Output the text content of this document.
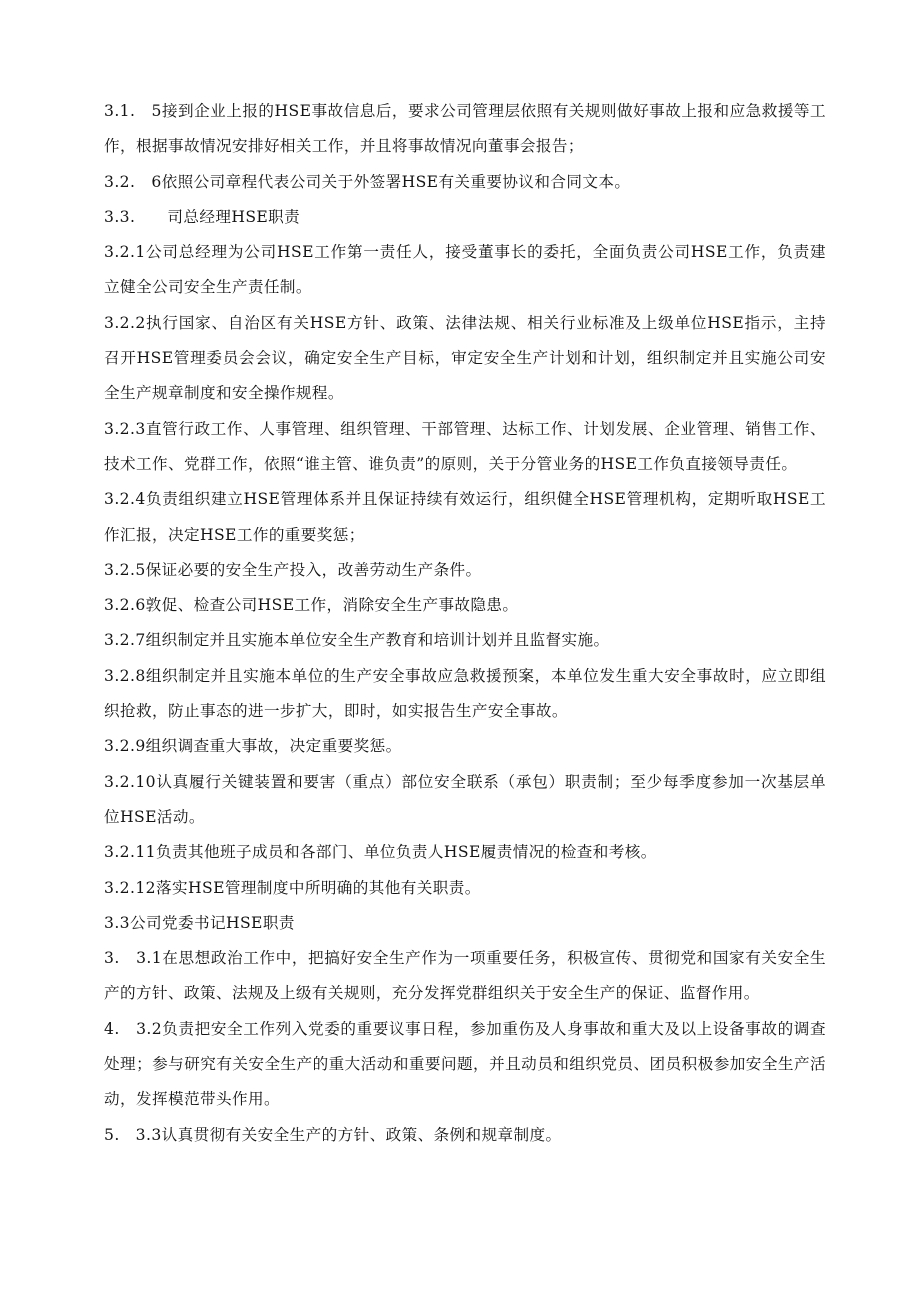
3.1.　5接到企业上报的HSE事故信息后，要求公司管理层依照有关规则做好事故上报和应急救援等工作，根据事故情况安排好相关工作，并且将事故情况向董事会报告；

3.2.　6依照公司章程代表公司关于外签署HSE有关重要协议和合同文本。

3.3.　　司总经理HSE职责

3.2.1公司总经理为公司HSE工作第一责任人，接受董事长的委托，全面负责公司HSE工作，负责建立健全公司安全生产责任制。

3.2.2执行国家、自治区有关HSE方针、政策、法律法规、相关行业标准及上级单位HSE指示，主持召开HSE管理委员会会议，确定安全生产目标，审定安全生产计划和计划，组织制定并且实施公司安全生产规章制度和安全操作规程。

3.2.3直管行政工作、人事管理、组织管理、干部管理、达标工作、计划发展、企业管理、销售工作、技术工作、党群工作，依照“谁主管、谁负责”的原则，关于分管业务的HSE工作负直接领导责任。

3.2.4负责组织建立HSE管理体系并且保证持续有效运行，组织健全HSE管理机构，定期听取HSE工作汇报，决定HSE工作的重要奖惩；

3.2.5保证必要的安全生产投入，改善劳动生产条件。

3.2.6敦促、检查公司HSE工作，消除安全生产事故隐患。

3.2.7组织制定并且实施本单位安全生产教育和培训计划并且监督实施。

3.2.8组织制定并且实施本单位的生产安全事故应急救援预案，本单位发生重大安全事故时，应立即组织抢救，防止事态的进一步扩大，即时，如实报告生产安全事故。

3.2.9组织调查重大事故，决定重要奖惩。

3.2.10认真履行关键装置和要害（重点）部位安全联系（承包）职责制；至少每季度参加一次基层单位HSE活动。

3.2.11负责其他班子成员和各部门、单位负责人HSE履责情况的检查和考核。

3.2.12落实HSE管理制度中所明确的其他有关职责。

3.3公司党委书记HSE职责

3.　3.1在思想政治工作中，把搞好安全生产作为一项重要任务，积极宣传、贯彻党和国家有关安全生产的方针、政策、法规及上级有关规则，充分发挥党群组织关于安全生产的保证、监督作用。

4.　3.2负责把安全工作列入党委的重要议事日程，参加重伤及人身事故和重大及以上设备事故的调查处理；参与研究有关安全生产的重大活动和重要问题，并且动员和组织党员、团员积极参加安全生产活动，发挥模范带头作用。

5.　3.3认真贯彻有关安全生产的方针、政策、条例和规章制度。
